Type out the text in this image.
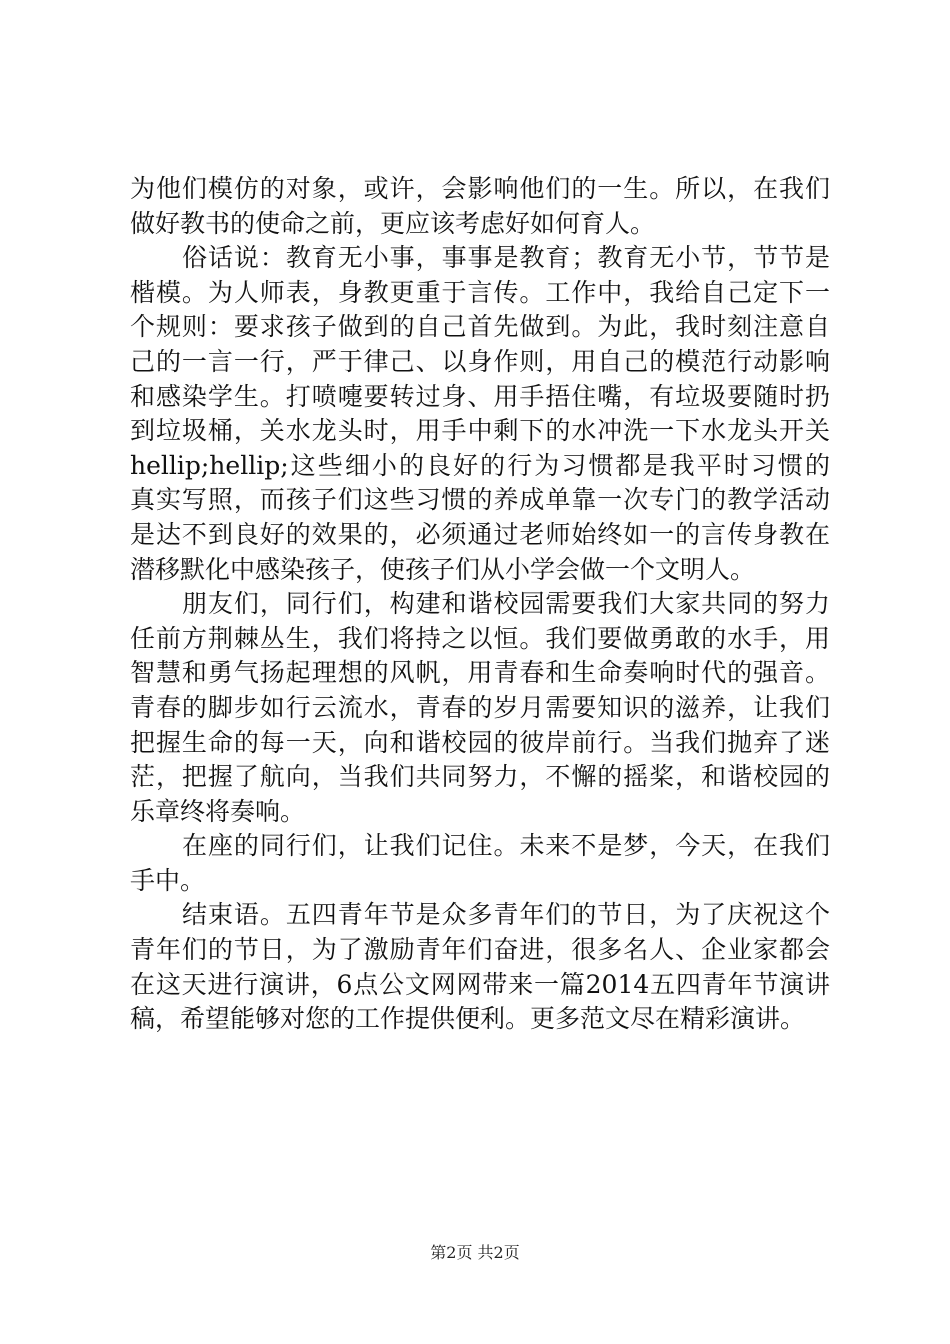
为他们模仿的对象，或许，会影响他们的一生。所以，在我们
做好教书的使命之前，更应该考虑好如何育人。
俗话说：教育无小事，事事是教育；教育无小节，节节是
楷模。为人师表，身教更重于言传。工作中，我给自己定下一
个规则：要求孩子做到的自己首先做到。为此，我时刻注意自
己的一言一行，严于律己、以身作则，用自己的模范行动影响
和感染学生。打喷嚏要转过身、用手捂住嘴，有垃圾要随时扔
到垃圾桶，关水龙头时，用手中剩下的水冲洗一下水龙头开关
hellip;hellip;这些细小的良好的行为习惯都是我平时习惯的
真实写照，而孩子们这些习惯的养成单靠一次专门的教学活动
是达不到良好的效果的，必须通过老师始终如一的言传身教在
潜移默化中感染孩子，使孩子们从小学会做一个文明人。
朋友们，同行们，构建和谐校园需要我们大家共同的努力
任前方荆棘丛生，我们将持之以恒。我们要做勇敢的水手，用
智慧和勇气扬起理想的风帆，用青春和生命奏响时代的强音。
青春的脚步如行云流水，青春的岁月需要知识的滋养，让我们
把握生命的每一天，向和谐校园的彼岸前行。当我们抛弃了迷
茫，把握了航向，当我们共同努力，不懈的摇桨，和谐校园的
乐章终将奏响。
在座的同行们，让我们记住。未来不是梦，今天，在我们
手中。
结束语。五四青年节是众多青年们的节日，为了庆祝这个
青年们的节日，为了激励青年们奋进，很多名人、企业家都会
在这天进行演讲，6点公文网网带来一篇2014五四青年节演讲
稿，希望能够对您的工作提供便利。更多范文尽在精彩演讲。
第2页 共2页
